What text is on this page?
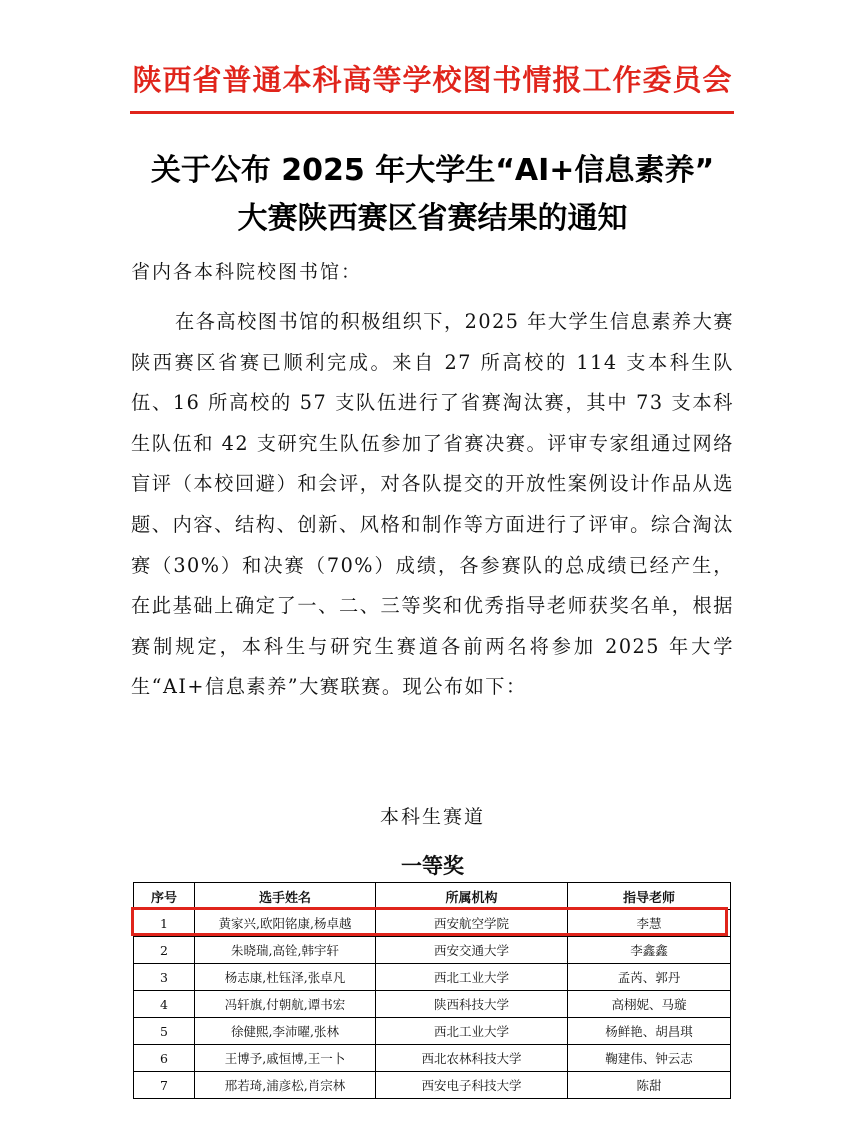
陕西省普通本科高等学校图书情报工作委员会
关于公布 2025 年大学生“AI+信息素养”
大赛陕西赛区省赛结果的通知
省内各本科院校图书馆：
在各高校图书馆的积极组织下，2025 年大学生信息素养大赛陕西赛区省赛已顺利完成。来自 27 所高校的 114 支本科生队伍、16 所高校的 57 支队伍进行了省赛淘汰赛，其中 73 支本科生队伍和 42 支研究生队伍参加了省赛决赛。评审专家组通过网络盲评（本校回避）和会评，对各队提交的开放性案例设计作品从选题、内容、结构、创新、风格和制作等方面进行了评审。综合淘汰赛（30%）和决赛（70%）成绩，各参赛队的总成绩已经产生，在此基础上确定了一、二、三等奖和优秀指导老师获奖名单，根据赛制规定，本科生与研究生赛道各前两名将参加 2025 年大学生“AI+信息素养”大赛联赛。现公布如下：
本科生赛道
一等奖
序号	选手姓名	所属机构	指导老师
1	黄家兴,欧阳铭康,杨卓越	西安航空学院	李慧
2	朱晓瑞,高铨,韩宇轩	西安交通大学	李鑫鑫
3	杨志康,杜钰泽,张卓凡	西北工业大学	孟芮、郭丹
4	冯轩旗,付朝航,谭书宏	陕西科技大学	高栩妮、马璇
5	徐健熙,李沛曜,张林	西北工业大学	杨鲜艳、胡昌琪
6	王博予,戚恒博,王一卜	西北农林科技大学	鞠建伟、钟云志
7	邢若琦,浦彦松,肖宗林	西安电子科技大学	陈甜
